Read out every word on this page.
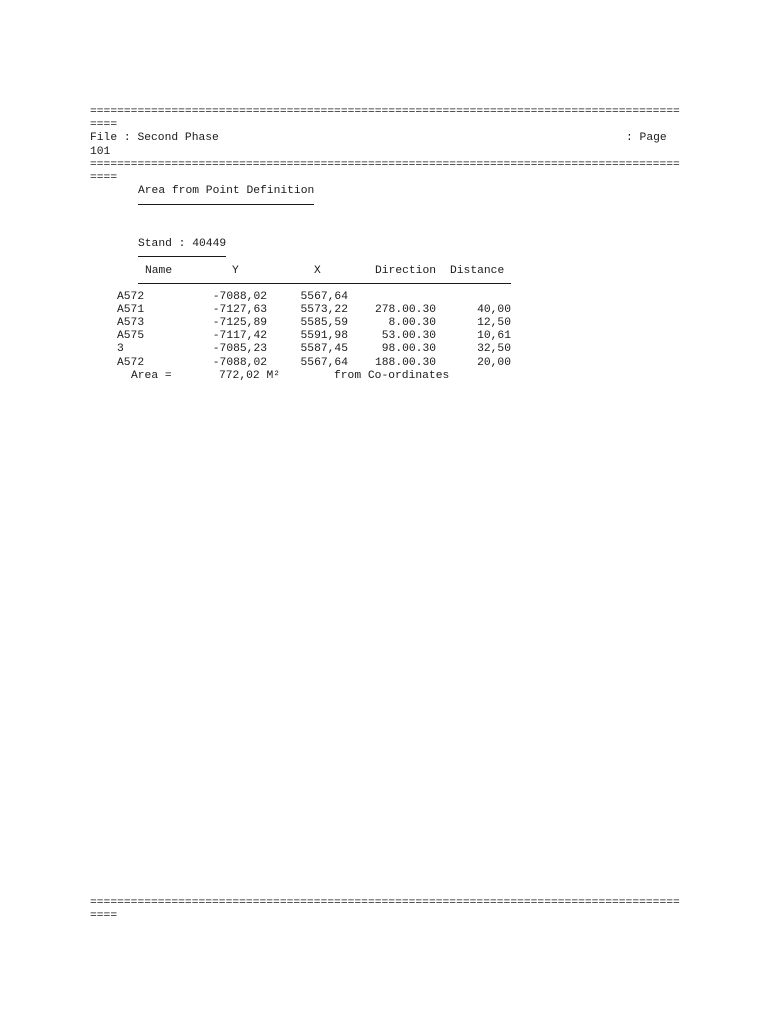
=======================================================================================
====
File : Second Phase	: Page
101
=======================================================================================
====
Area from Point Definition
Stand : 40449
Name	Y	X	Direction Distance
A572	-7088,02	5567,64
A571	-7127,63	5573,22	278.00.30	40,00
A573	-7125,89	5585,59	8.00.30	12,50
A575	-7117,42	5591,98	53.00.30	10,61
3	-7085,23	5587,45	98.00.30	32,50
A572	-7088,02	5567,64	188.00.30	20,00
Area =	772,02 M²	from Co-ordinates
=======================================================================================
====
